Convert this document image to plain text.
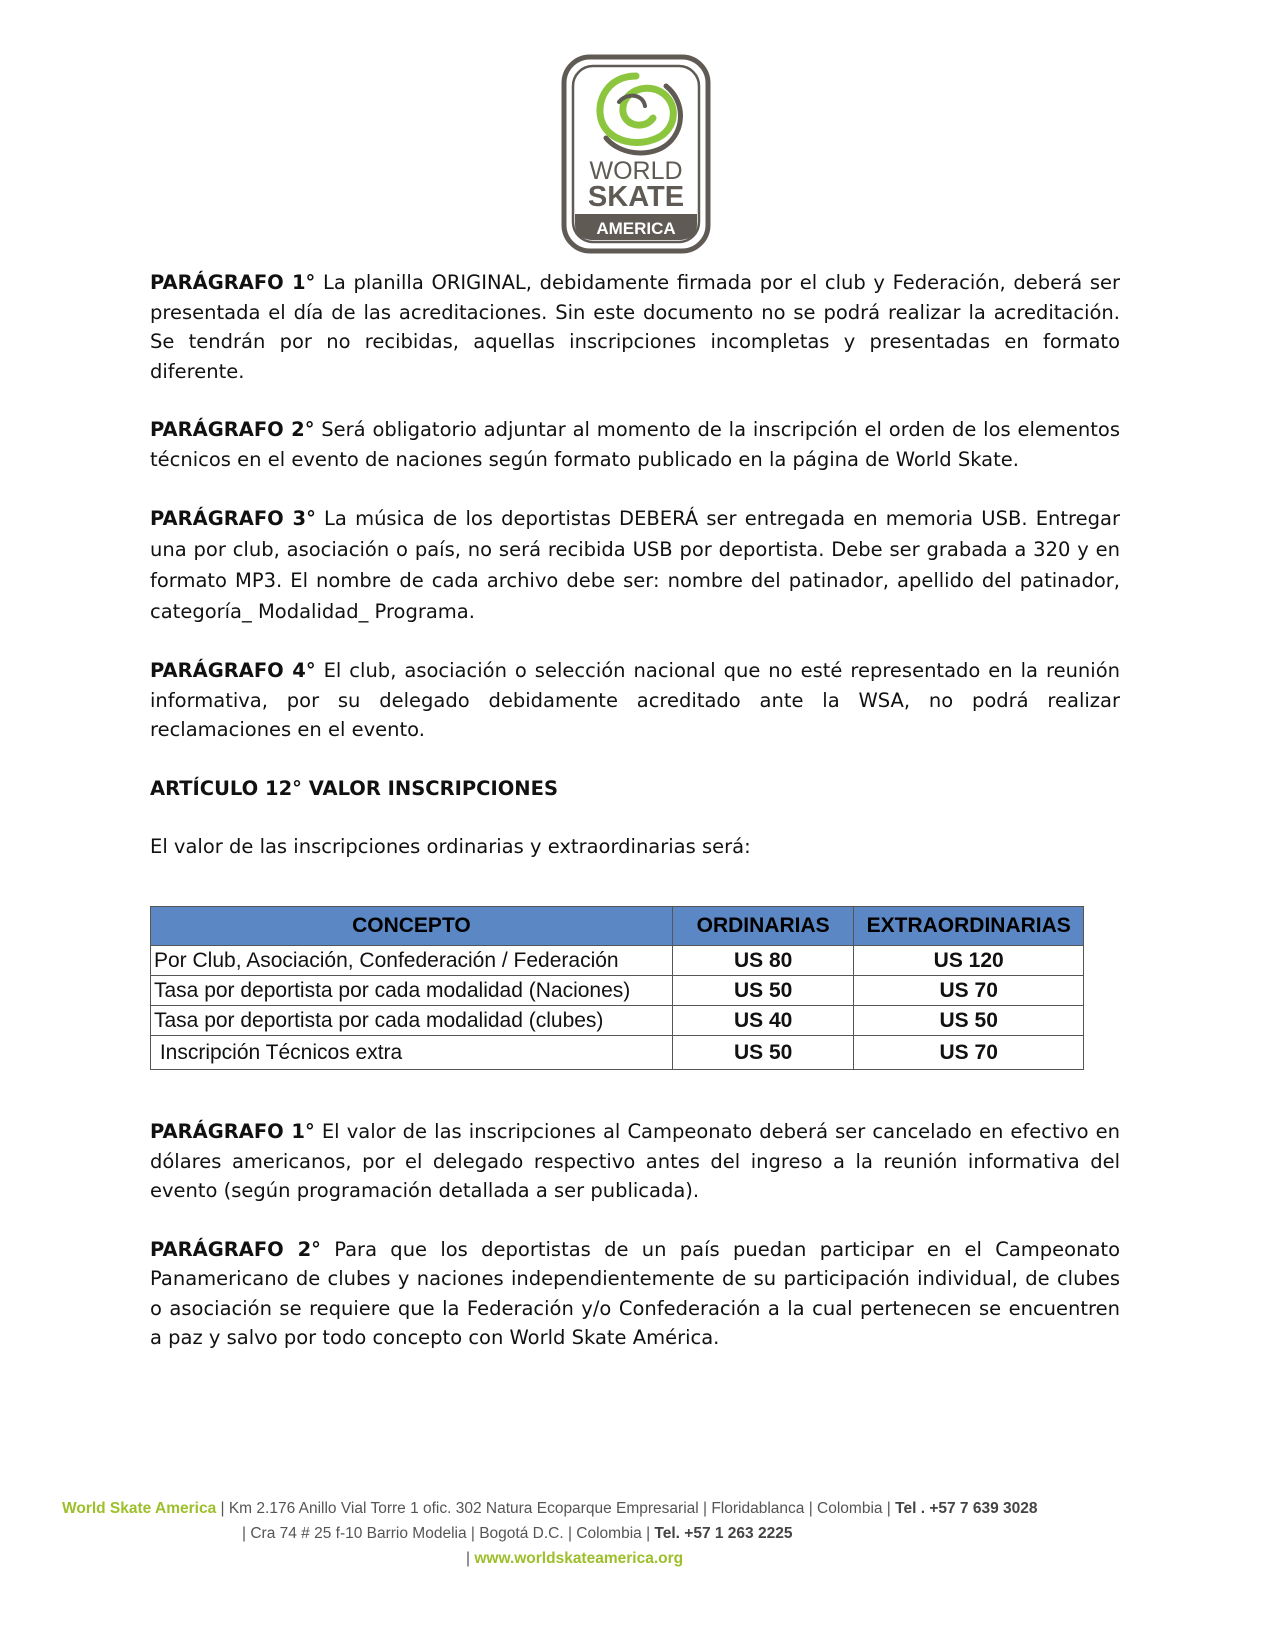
WORLD
SKATE
AMERICA

PARÁGRAFO 1° La planilla ORIGINAL, debidamente firmada por el club y Federación, deberá ser presentada el día de las acreditaciones. Sin este documento no se podrá realizar la acreditación. Se tendrán por no recibidas, aquellas inscripciones incompletas y presentadas en formato diferente.

PARÁGRAFO 2° Será obligatorio adjuntar al momento de la inscripción el orden de los elementos técnicos en el evento de naciones según formato publicado en la página de World Skate.

PARÁGRAFO 3° La música de los deportistas DEBERÁ ser entregada en memoria USB. Entregar una por club, asociación o país, no será recibida USB por deportista. Debe ser grabada a 320 y en formato MP3. El nombre de cada archivo debe ser: nombre del patinador, apellido del patinador, categoría_ Modalidad_ Programa.

PARÁGRAFO 4° El club, asociación o selección nacional que no esté representado en la reunión informativa, por su delegado debidamente acreditado ante la WSA, no podrá realizar reclamaciones en el evento.

ARTÍCULO 12° VALOR INSCRIPCIONES

El valor de las inscripciones ordinarias y extraordinarias será:

CONCEPTO	ORDINARIAS	EXTRAORDINARIAS
Por Club, Asociación, Confederación / Federación	US 80	US 120
Tasa por deportista por cada modalidad (Naciones)	US 50	US 70
Tasa por deportista por cada modalidad (clubes)	US 40	US 50
Inscripción Técnicos extra	US 50	US 70

PARÁGRAFO 1° El valor de las inscripciones al Campeonato deberá ser cancelado en efectivo en dólares americanos, por el delegado respectivo antes del ingreso a la reunión informativa del evento (según programación detallada a ser publicada).

PARÁGRAFO 2° Para que los deportistas de un país puedan participar en el Campeonato Panamericano de clubes y naciones independientemente de su participación individual, de clubes o asociación se requiere que la Federación y/o Confederación a la cual pertenecen se encuentren a paz y salvo por todo concepto con World Skate América.

World Skate America | Km 2.176 Anillo Vial Torre 1 ofic. 302 Natura Ecoparque Empresarial | Floridablanca | Colombia | Tel . +57 7 639 3028
| Cra 74 # 25 f-10 Barrio Modelia | Bogotá D.C. | Colombia | Tel. +57 1 263 2225
| www.worldskateamerica.org
